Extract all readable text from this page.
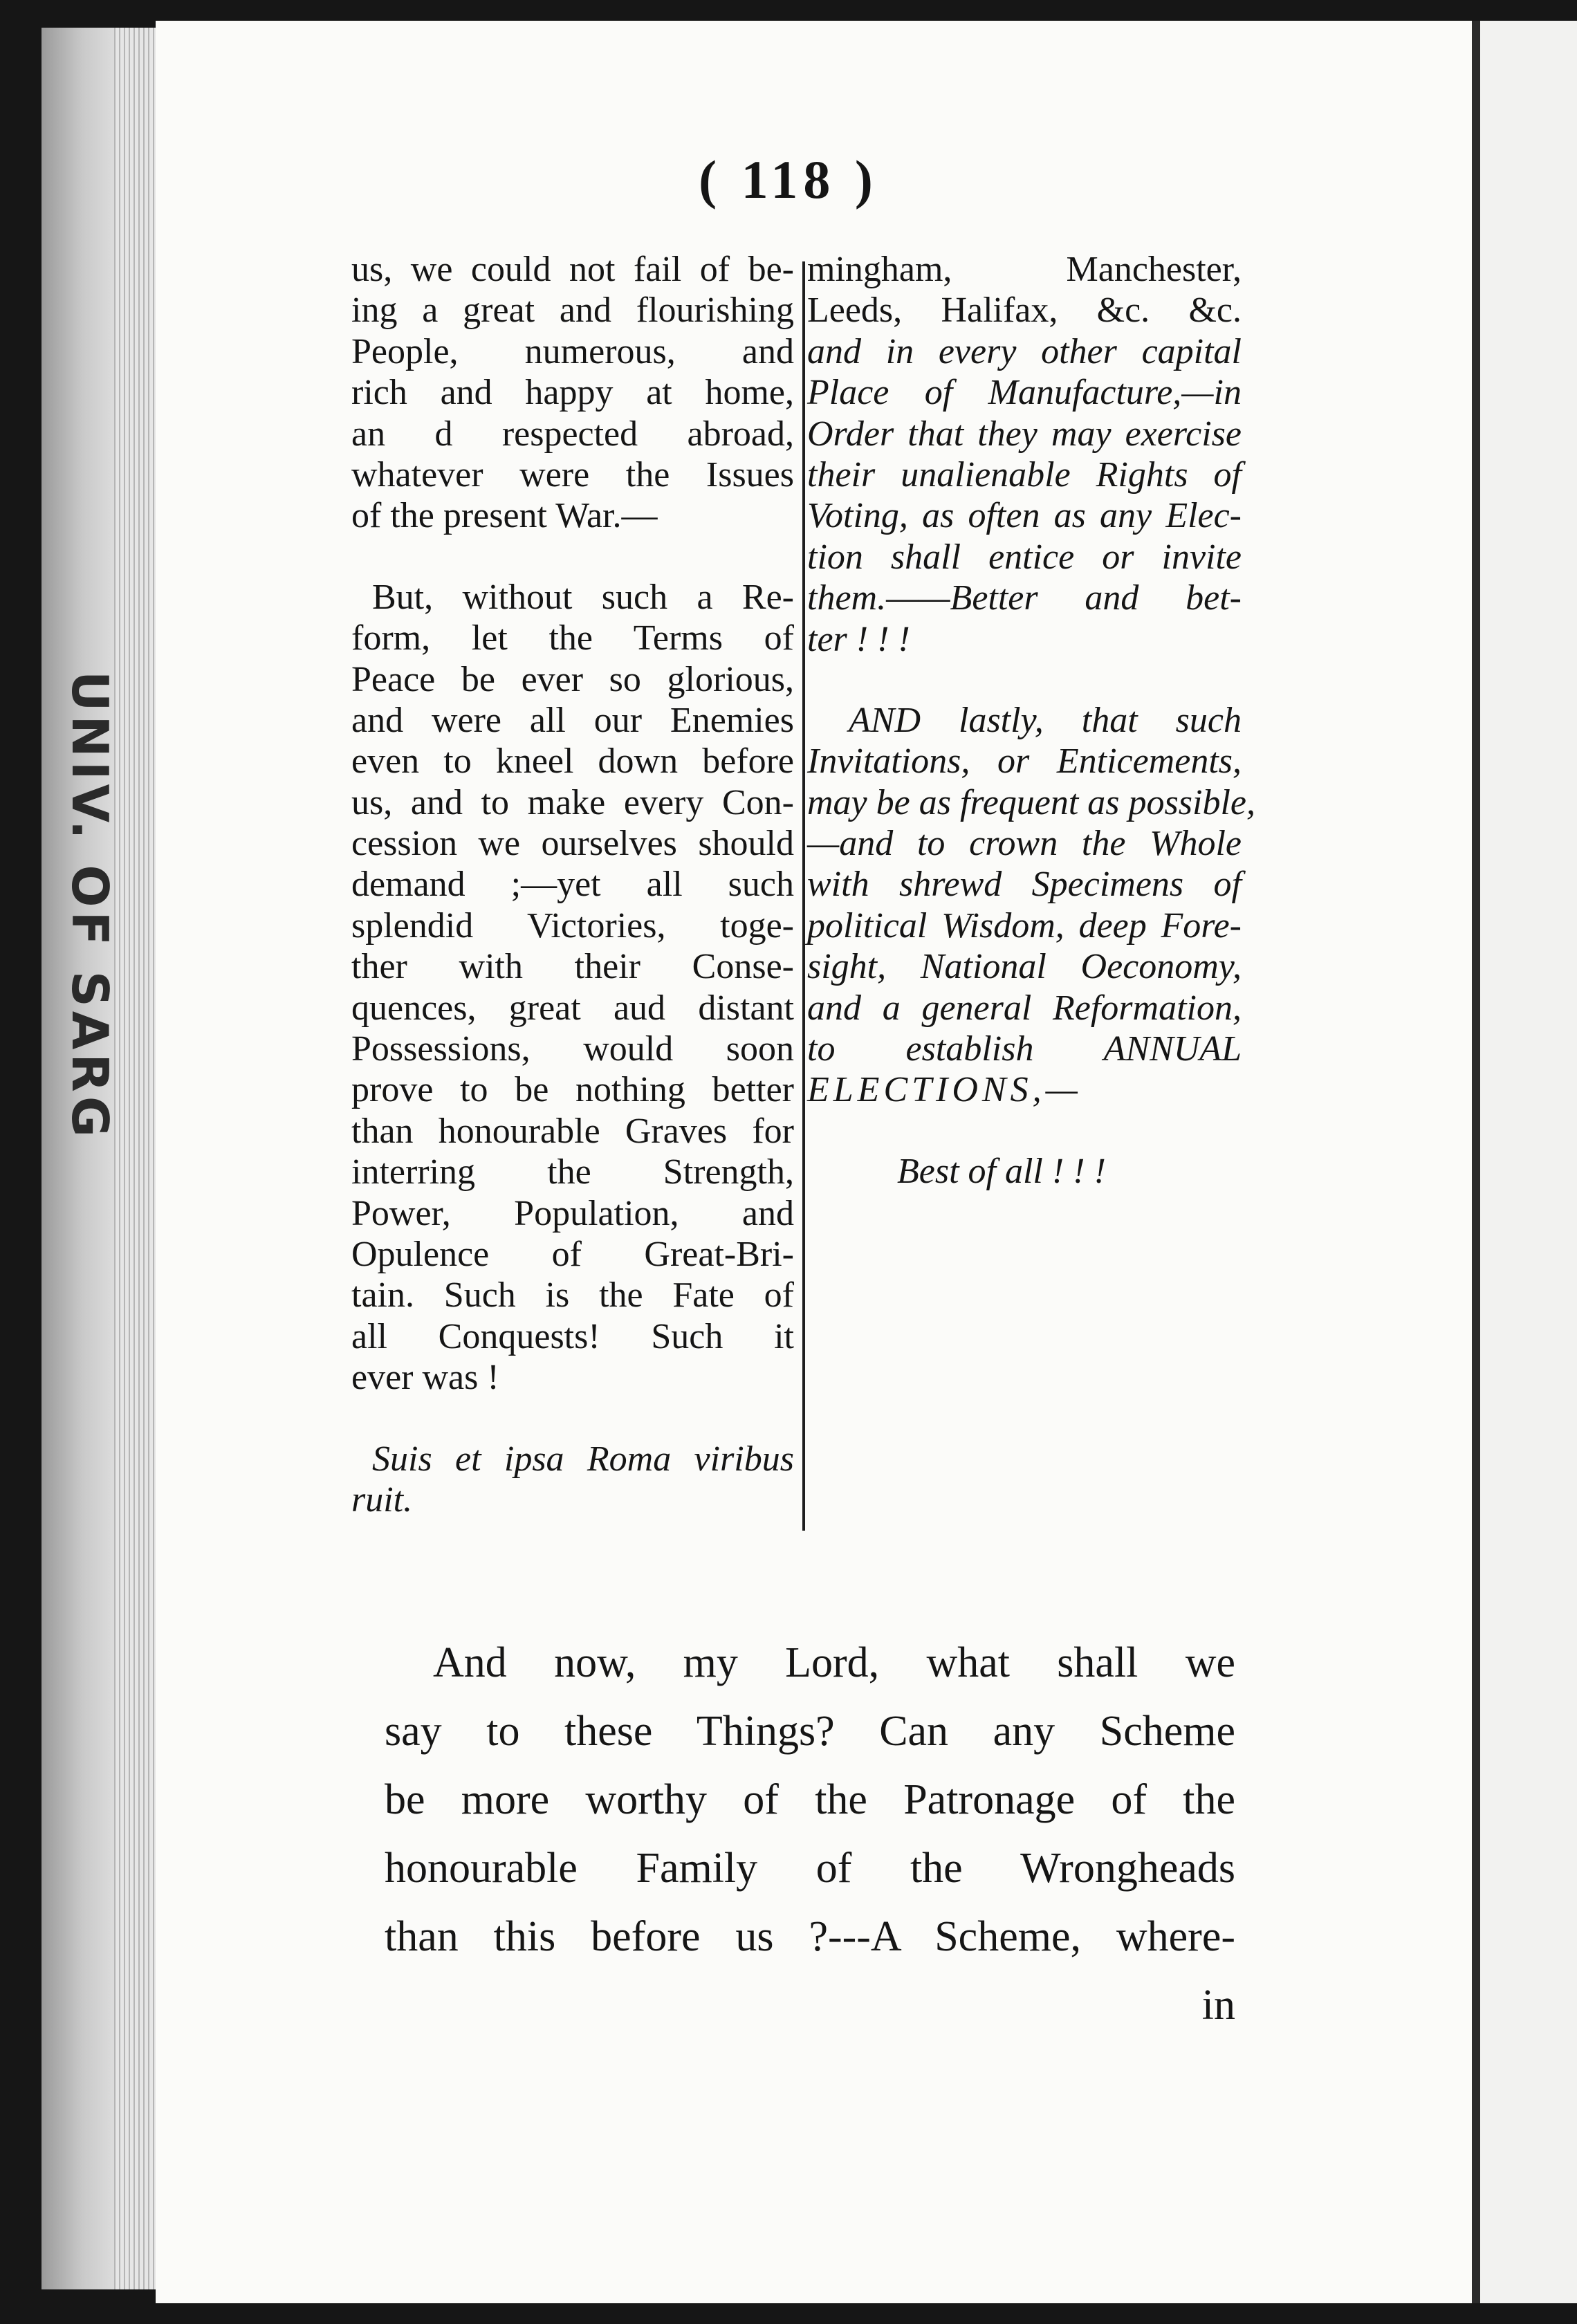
UNIV. OF SARG
( 118 )
us, we could not fail of be-
ing a great and flourishing
People, numerous, and
rich and happy at home,
an d respected abroad,
whatever were the Issues
of the present War.—
But, without such a Re-
form, let the Terms of
Peace be ever so glorious,
and were all our Enemies
even to kneel down before
us, and to make every Con-
cession we ourselves should
demand ;—yet all such
splendid Victories, toge-
ther with their Conse-
quences, great aud distant
Possessions, would soon
prove to be nothing better
than honourable Graves for
interring the Strength,
Power, Population, and
Opulence of Great-Bri-
tain. Such is the Fate of
all Conquests! Such it
ever was !
Suis et ipsa Roma viribus
ruit.
mingham, Manchester,
Leeds, Halifax, &c. &c.
and in every other capital
Place of Manufacture,—in
Order that they may exercise
their unalienable Rights of
Voting, as often as any Elec-
tion shall entice or invite
them.——Better and bet-
ter ! ! !
AND lastly, that such
Invitations, or Enticements,
may be as frequent as possible,
—and to crown the Whole
with shrewd Specimens of
political Wisdom, deep Fore-
sight, National Oeconomy,
and a general Reformation,
to establish ANNUAL
ELECTIONS,—
Best of all ! ! !
And now, my Lord, what shall we
say to these Things? Can any Scheme
be more worthy of the Patronage of the
honourable Family of the Wrongheads
than this before us ?---A Scheme, where-
in
